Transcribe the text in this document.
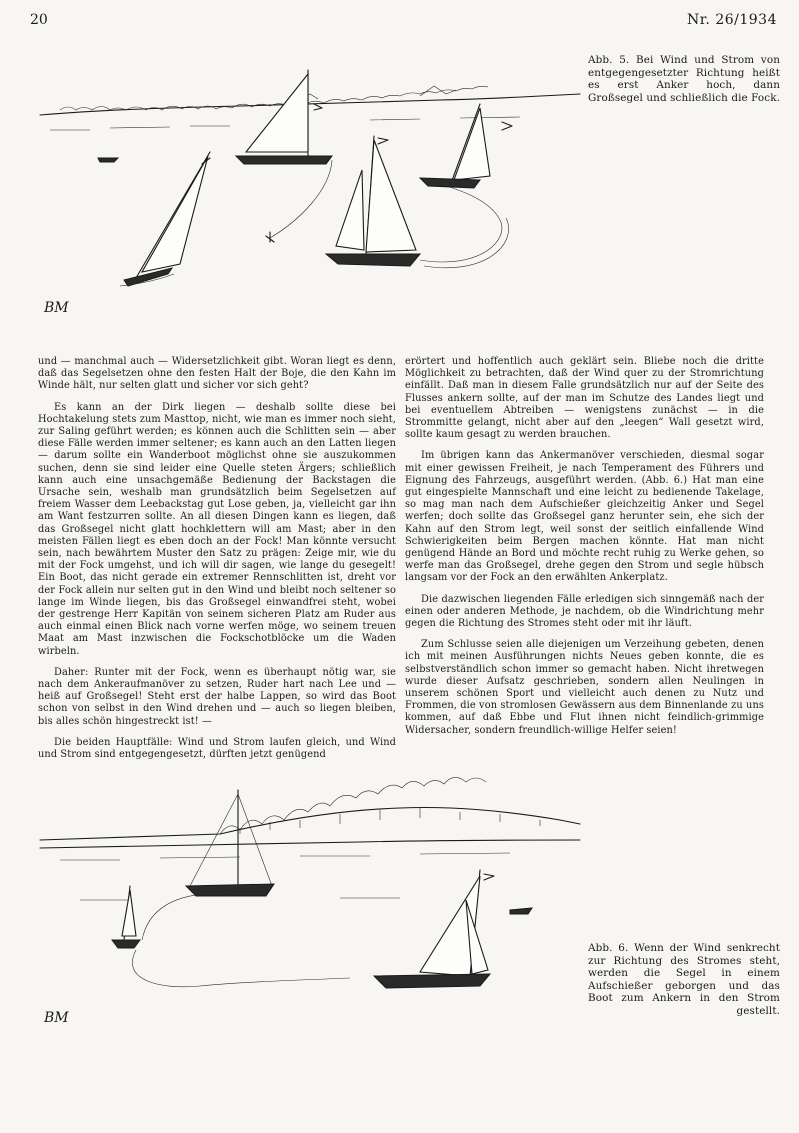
20	Nr. 26/1934
BM
Abb. 5. Bei Wind und Strom von entgegengesetzter Richtung heißt es erst Anker hoch, dann Großsegel und schließlich die Fock.

und — manchmal auch — Widersetzlichkeit gibt. Woran liegt es denn, daß das Segelsetzen ohne den festen Halt der Boje, die den Kahn im Winde hält, nur selten glatt und sicher vor sich geht?

Es kann an der Dirk liegen — deshalb sollte diese bei Hochtakelung stets zum Masttop, nicht, wie man es immer noch sieht, zur Saling geführt werden; es können auch die Schlitten sein — aber diese Fälle werden immer seltener; es kann auch an den Latten liegen — darum sollte ein Wanderboot möglichst ohne sie auszukommen suchen, denn sie sind leider eine Quelle steten Ärgers; schließlich kann auch eine unsachgemäße Bedienung der Backstagen die Ursache sein, weshalb man grundsätzlich beim Segelsetzen auf freiem Wasser dem Leebackstag gut Lose geben, ja, vielleicht gar ihn am Want festzurren sollte. An all diesen Dingen kann es liegen, daß das Großsegel nicht glatt hochklettern will am Mast; aber in den meisten Fällen liegt es eben doch an der Fock! Man könnte versucht sein, nach bewährtem Muster den Satz zu prägen: Zeige mir, wie du mit der Fock umgehst, und ich will dir sagen, wie lange du gesegelt! Ein Boot, das nicht gerade ein extremer Rennschlitten ist, dreht vor der Fock allein nur selten gut in den Wind und bleibt noch seltener so lange im Winde liegen, bis das Großsegel einwandfrei steht, wobei der gestrenge Herr Kapitän von seinem sicheren Platz am Ruder aus auch einmal einen Blick nach vorne werfen möge, wo seinem treuen Maat am Mast inzwischen die Fockschotblöcke um die Waden wirbeln.

Daher: Runter mit der Fock, wenn es überhaupt nötig war, sie nach dem Ankeraufmanöver zu setzen, Ruder hart nach Lee und — heiß auf Großsegel! Steht erst der halbe Lappen, so wird das Boot schon von selbst in den Wind drehen und — auch so liegen bleiben, bis alles schön hingestreckt ist! —

Die beiden Hauptfälle: Wind und Strom laufen gleich, und Wind und Strom sind entgegengesetzt, dürften jetzt genügend

erörtert und hoffentlich auch geklärt sein. Bliebe noch die dritte Möglichkeit zu betrachten, daß der Wind quer zu der Stromrichtung einfällt. Daß man in diesem Falle grundsätzlich nur auf der Seite des Flusses ankern sollte, auf der man im Schutze des Landes liegt und bei eventuellem Abtreiben — wenigstens zunächst — in die Strommitte gelangt, nicht aber auf den „leegen“ Wall gesetzt wird, sollte kaum gesagt zu werden brauchen.

Im übrigen kann das Ankermanöver verschieden, diesmal sogar mit einer gewissen Freiheit, je nach Temperament des Führers und Eignung des Fahrzeugs, ausgeführt werden. (Abb. 6.) Hat man eine gut eingespielte Mannschaft und eine leicht zu bedienende Takelage, so mag man nach dem Aufschießer gleichzeitig Anker und Segel werfen; doch sollte das Großsegel ganz herunter sein, ehe sich der Kahn auf den Strom legt, weil sonst der seitlich einfallende Wind Schwierigkeiten beim Bergen machen könnte. Hat man nicht genügend Hände an Bord und möchte recht ruhig zu Werke gehen, so werfe man das Großsegel, drehe gegen den Strom und segle hübsch langsam vor der Fock an den erwählten Ankerplatz.

Die dazwischen liegenden Fälle erledigen sich sinngemäß nach der einen oder anderen Methode, je nachdem, ob die Windrichtung mehr gegen die Richtung des Stromes steht oder mit ihr läuft.

Zum Schlusse seien alle diejenigen um Verzeihung gebeten, denen ich mit meinen Ausführungen nichts Neues geben konnte, die es selbstverständlich schon immer so gemacht haben. Nicht ihretwegen wurde dieser Aufsatz geschrieben, sondern allen Neulingen in unserem schönen Sport und vielleicht auch denen zu Nutz und Frommen, die von stromlosen Gewässern aus dem Binnenlande zu uns kommen, auf daß Ebbe und Flut ihnen nicht feindlich-grimmige Widersacher, sondern freundlich-willige Helfer seien!

BM
Abb. 6. Wenn der Wind senkrecht zur Richtung des Stromes steht, werden die Segel in einem Aufschießer geborgen und das Boot zum Ankern in den Strom gestellt.
